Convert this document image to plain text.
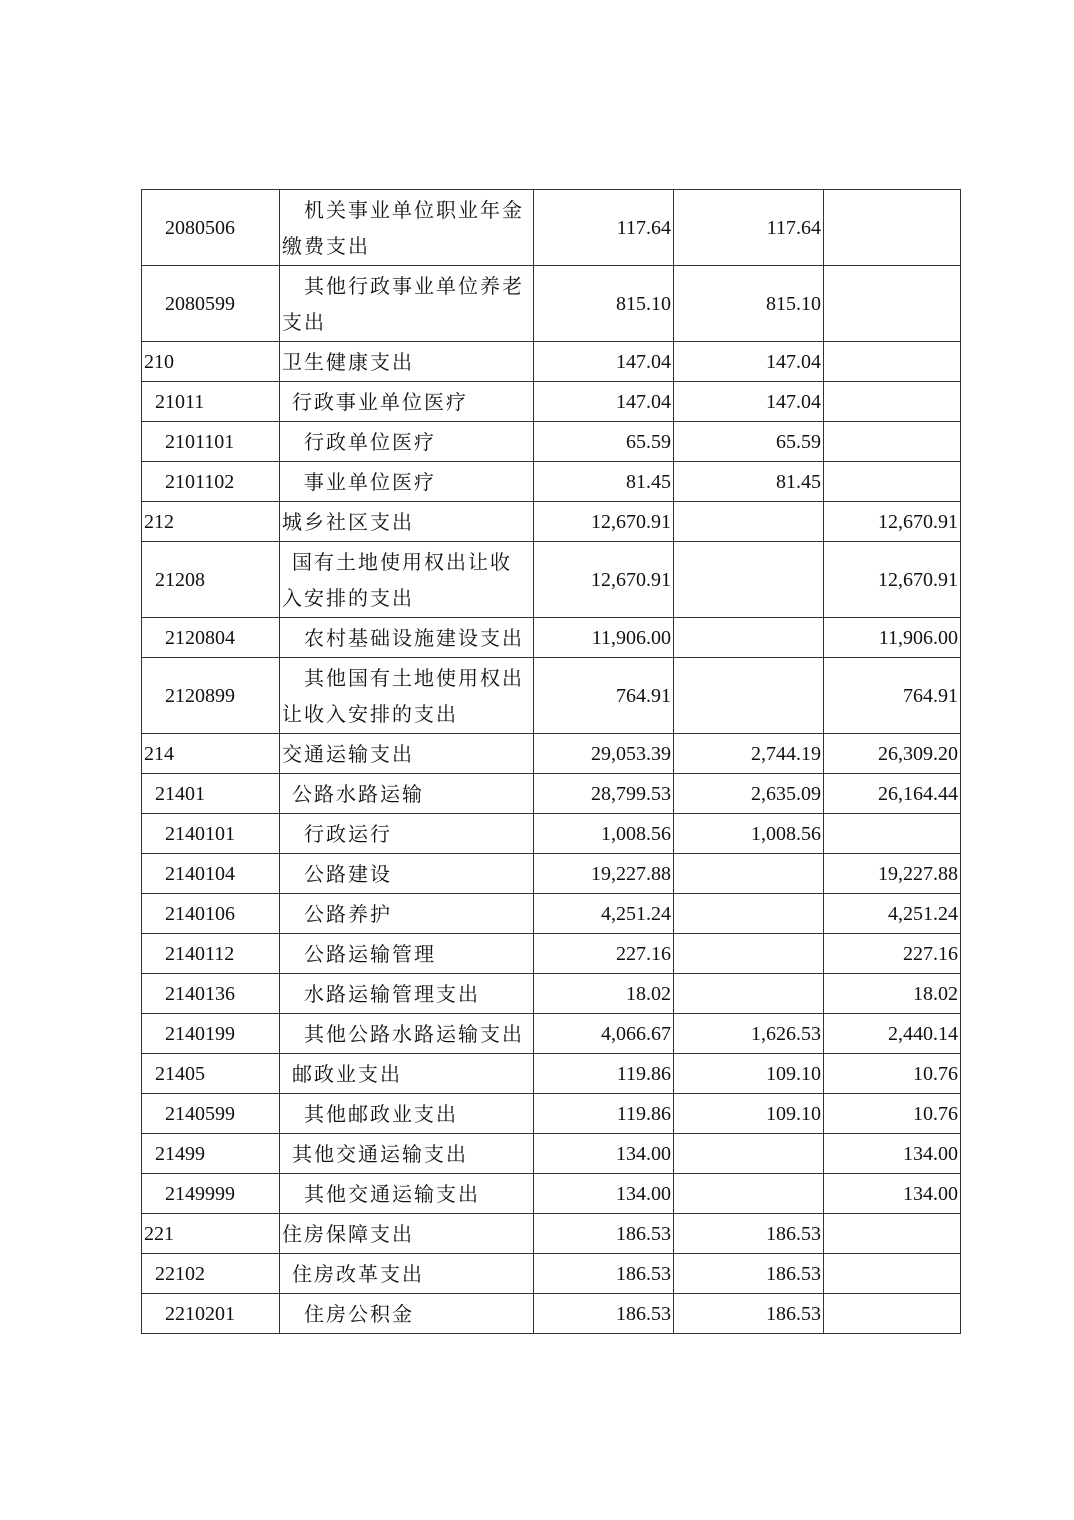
2080506	机关事业单位职业年金缴费支出	117.64	117.64	
2080599	其他行政事业单位养老支出	815.10	815.10	
210	卫生健康支出	147.04	147.04	
21011	行政事业单位医疗	147.04	147.04	
2101101	行政单位医疗	65.59	65.59	
2101102	事业单位医疗	81.45	81.45	
212	城乡社区支出	12,670.91		12,670.91
21208	国有土地使用权出让收入安排的支出	12,670.91		12,670.91
2120804	农村基础设施建设支出	11,906.00		11,906.00
2120899	其他国有土地使用权出让收入安排的支出	764.91		764.91
214	交通运输支出	29,053.39	2,744.19	26,309.20
21401	公路水路运输	28,799.53	2,635.09	26,164.44
2140101	行政运行	1,008.56	1,008.56	
2140104	公路建设	19,227.88		19,227.88
2140106	公路养护	4,251.24		4,251.24
2140112	公路运输管理	227.16		227.16
2140136	水路运输管理支出	18.02		18.02
2140199	其他公路水路运输支出	4,066.67	1,626.53	2,440.14
21405	邮政业支出	119.86	109.10	10.76
2140599	其他邮政业支出	119.86	109.10	10.76
21499	其他交通运输支出	134.00		134.00
2149999	其他交通运输支出	134.00		134.00
221	住房保障支出	186.53	186.53	
22102	住房改革支出	186.53	186.53	
2210201	住房公积金	186.53	186.53	
